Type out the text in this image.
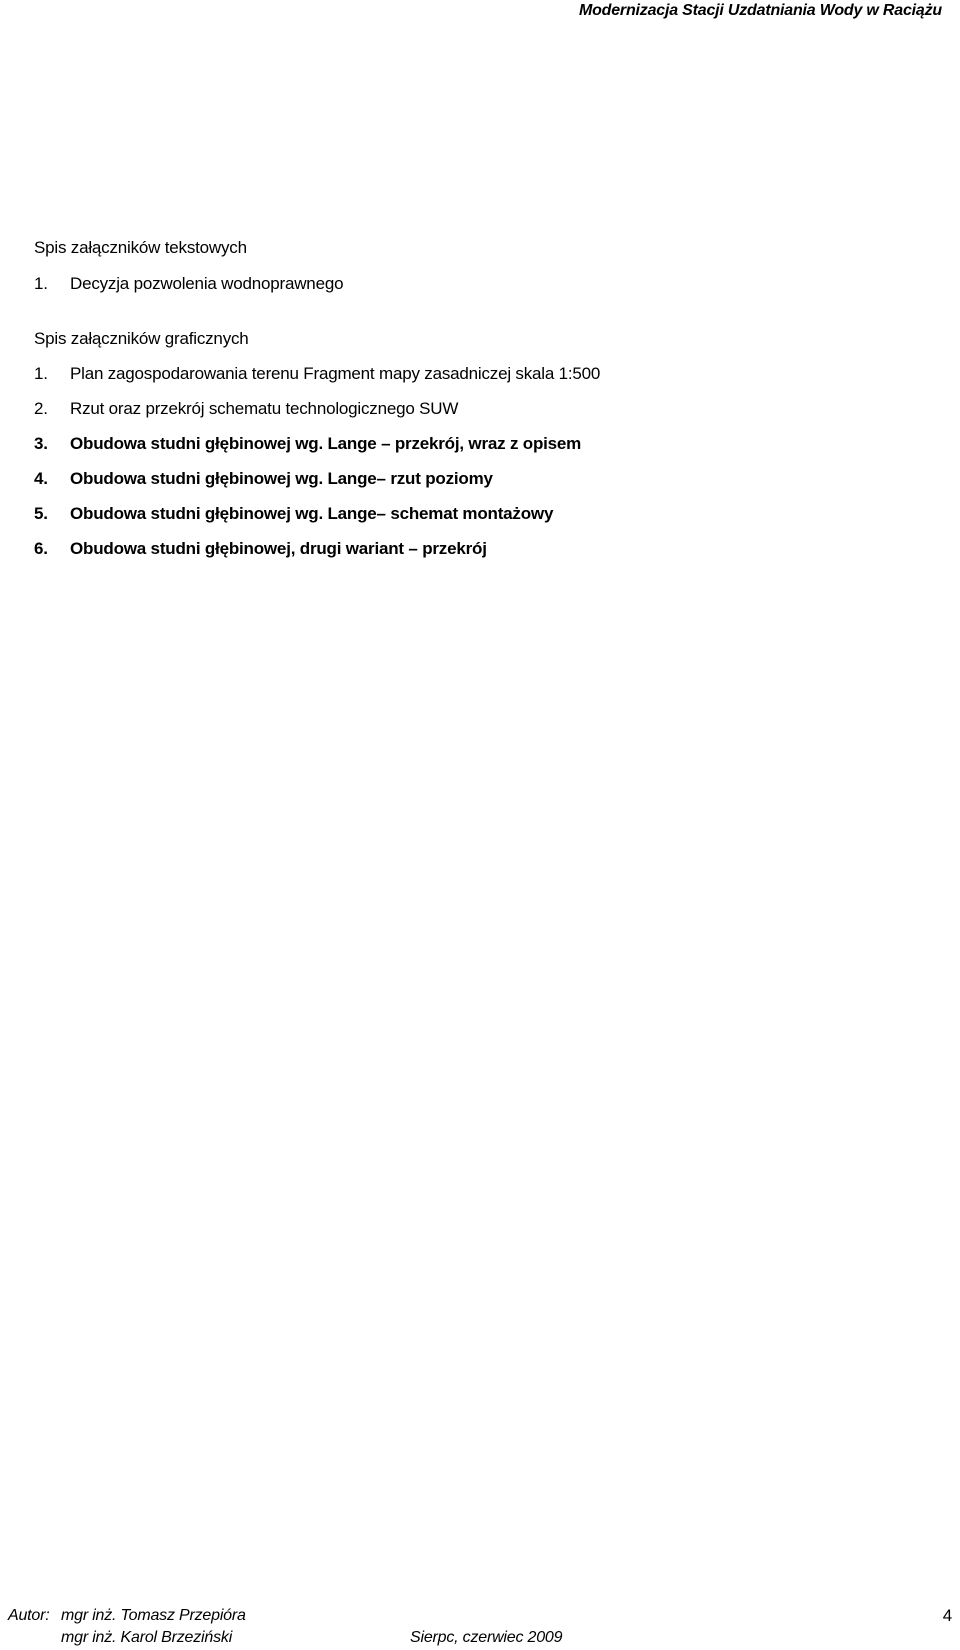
Modernizacja Stacji Uzdatniania Wody w Raciążu
Spis załączników tekstowych
1. Decyzja pozwolenia wodnoprawnego
Spis załączników graficznych
1. Plan zagospodarowania terenu Fragment mapy zasadniczej skala 1:500
2. Rzut oraz przekrój schematu technologicznego SUW
3. Obudowa studni głębinowej wg. Lange – przekrój, wraz z opisem
4. Obudowa studni głębinowej wg. Lange– rzut poziomy
5. Obudowa studni głębinowej wg. Lange– schemat montażowy
6. Obudowa studni głębinowej, drugi wariant – przekrój
Autor: mgr inż. Tomasz Przepióra
mgr inż. Karol Brzeziński	Sierpc, czerwiec 2009
4
